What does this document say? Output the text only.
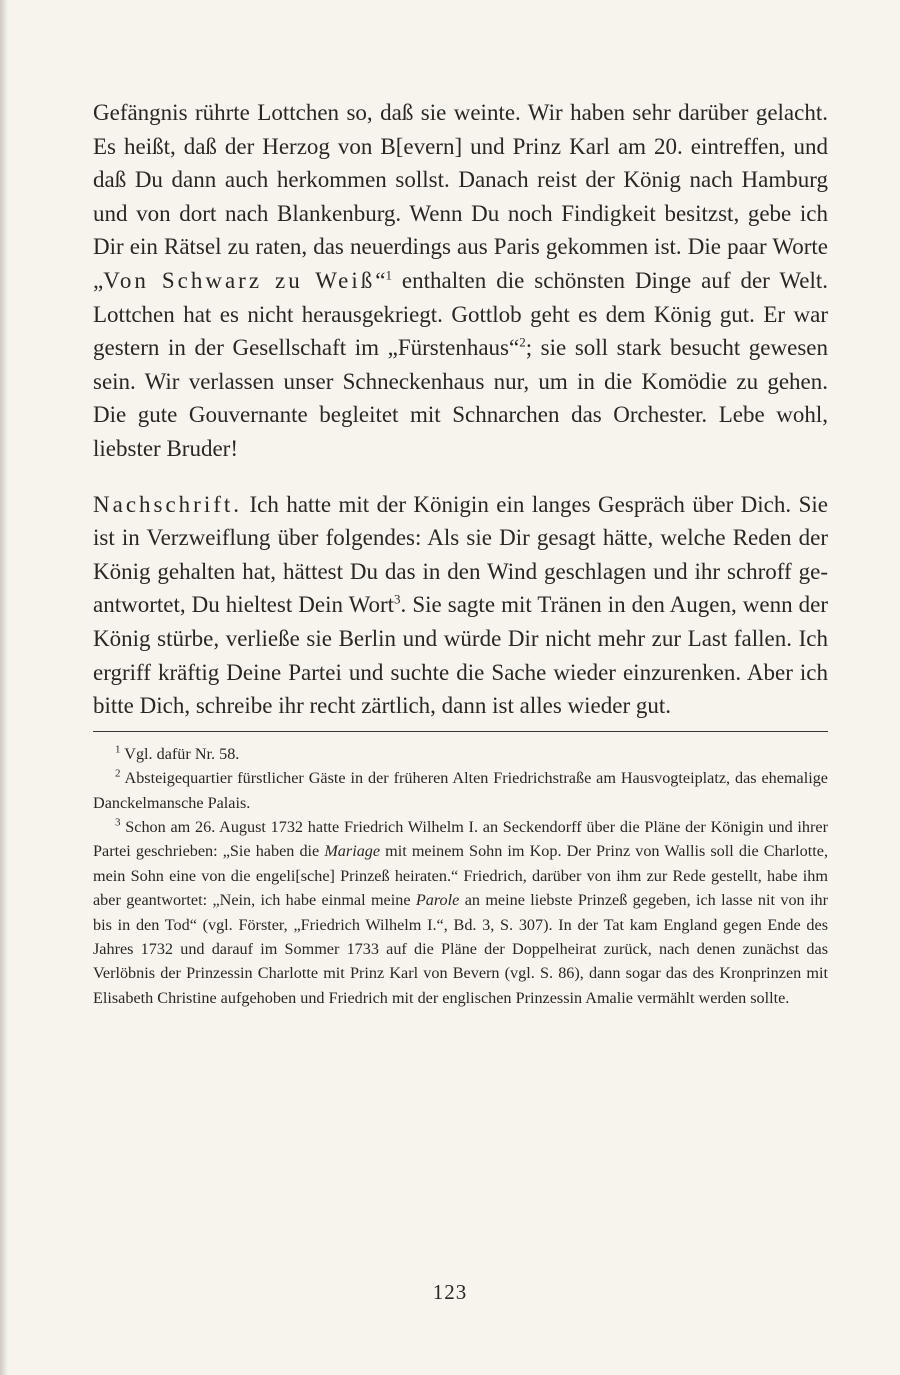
Gefängnis rührte Lottchen so, daß sie weinte. Wir haben sehr darüber gelacht. Es heißt, daß der Herzog von B[evern] und Prinz Karl am 20. eintreffen, und daß Du dann auch herkommen sollst. Danach reist der König nach Hamburg und von dort nach Blankenburg. Wenn Du noch Findigkeit besitzst, gebe ich Dir ein Rätsel zu raten, das neuerdings aus Paris gekommen ist. Die paar Worte „Von Schwarz zu Weiß“$^1$ enthalten die schönsten Dinge auf der Welt. Lottchen hat es nicht herausgekriegt. Gottlob geht es dem König gut. Er war gestern in der Gesellschaft im „Fürstenhaus“$^2$; sie soll stark besucht gewesen sein. Wir verlassen unser Schneckenhaus nur, um in die Komödie zu gehen. Die gute Gouvernante begleitet mit Schnarchen das Orchester. Lebe wohl, liebster Bruder!

Nachschrift. Ich hatte mit der Königin ein langes Gespräch über Dich. Sie ist in Verzweiflung über folgendes: Als sie Dir gesagt hätte, welche Reden der König gehalten hat, hättest Du das in den Wind geschlagen und ihr schroff geantwortet, Du hieltest Dein Wort$^3$. Sie sagte mit Tränen in den Augen, wenn der König stürbe, verließe sie Berlin und würde Dir nicht mehr zur Last fallen. Ich ergriff kräftig Deine Partei und suchte die Sache wieder einzurenken. Aber ich bitte Dich, schreibe ihr recht zärtlich, dann ist alles wieder gut.

$^1$ Vgl. dafür Nr. 58.

$^2$ Absteigequartier fürstlicher Gäste in der früheren Alten Friedrichstraße am Hausvogteiplatz, das ehemalige Danckelmansche Palais.

$^3$ Schon am 26. August 1732 hatte Friedrich Wilhelm I. an Seckendorff über die Pläne der Königin und ihrer Partei geschrieben: „Sie haben die Mariage mit meinem Sohn im Kop. Der Prinz von Wallis soll die Charlotte, mein Sohn eine von die engeli[sche] Prinzeß heiraten.“ Friedrich, darüber von ihm zur Rede gestellt, habe ihm aber geantwortet: „Nein, ich habe einmal meine Parole an meine liebste Prinzeß gegeben, ich lasse nit von ihr bis in den Tod“ (vgl. Förster, „Friedrich Wilhelm I.“, Bd. 3, S. 307). In der Tat kam England gegen Ende des Jahres 1732 und darauf im Sommer 1733 auf die Pläne der Doppelheirat zurück, nach denen zunächst das Verlöbnis der Prinzessin Charlotte mit Prinz Karl von Bevern (vgl. S. 86), dann sogar das des Kronprinzen mit Elisabeth Christine aufgehoben und Friedrich mit der englischen Prinzessin Amalie vermählt werden sollte.

123
